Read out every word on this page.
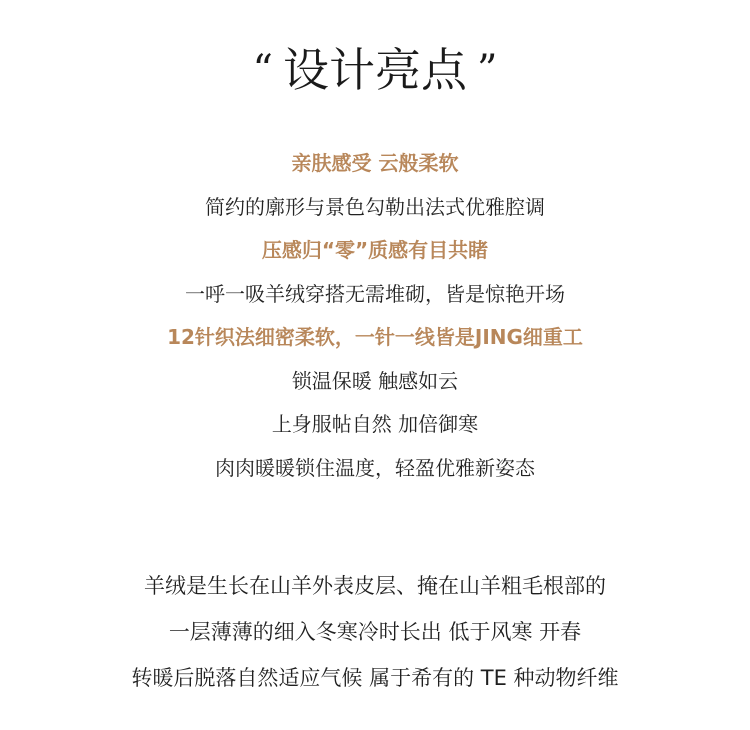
“ 设计亮点 ”
亲肤感受 云般柔软
简约的廓形与景色勾勒出法式优雅腔调
压感归“零”质感有目共睹
一呼一吸羊绒穿搭无需堆砌，皆是惊艳开场
12针织法细密柔软，一针一线皆是JING细重工
锁温保暖 触感如云
上身服帖自然 加倍御寒
肉肉暖暖锁住温度，轻盈优雅新姿态
羊绒是生长在山羊外表皮层、掩在山羊粗毛根部的
一层薄薄的细入冬寒冷时长出 低于风寒 开春
转暖后脱落自然适应气候 属于希有的 TE 种动物纤维
